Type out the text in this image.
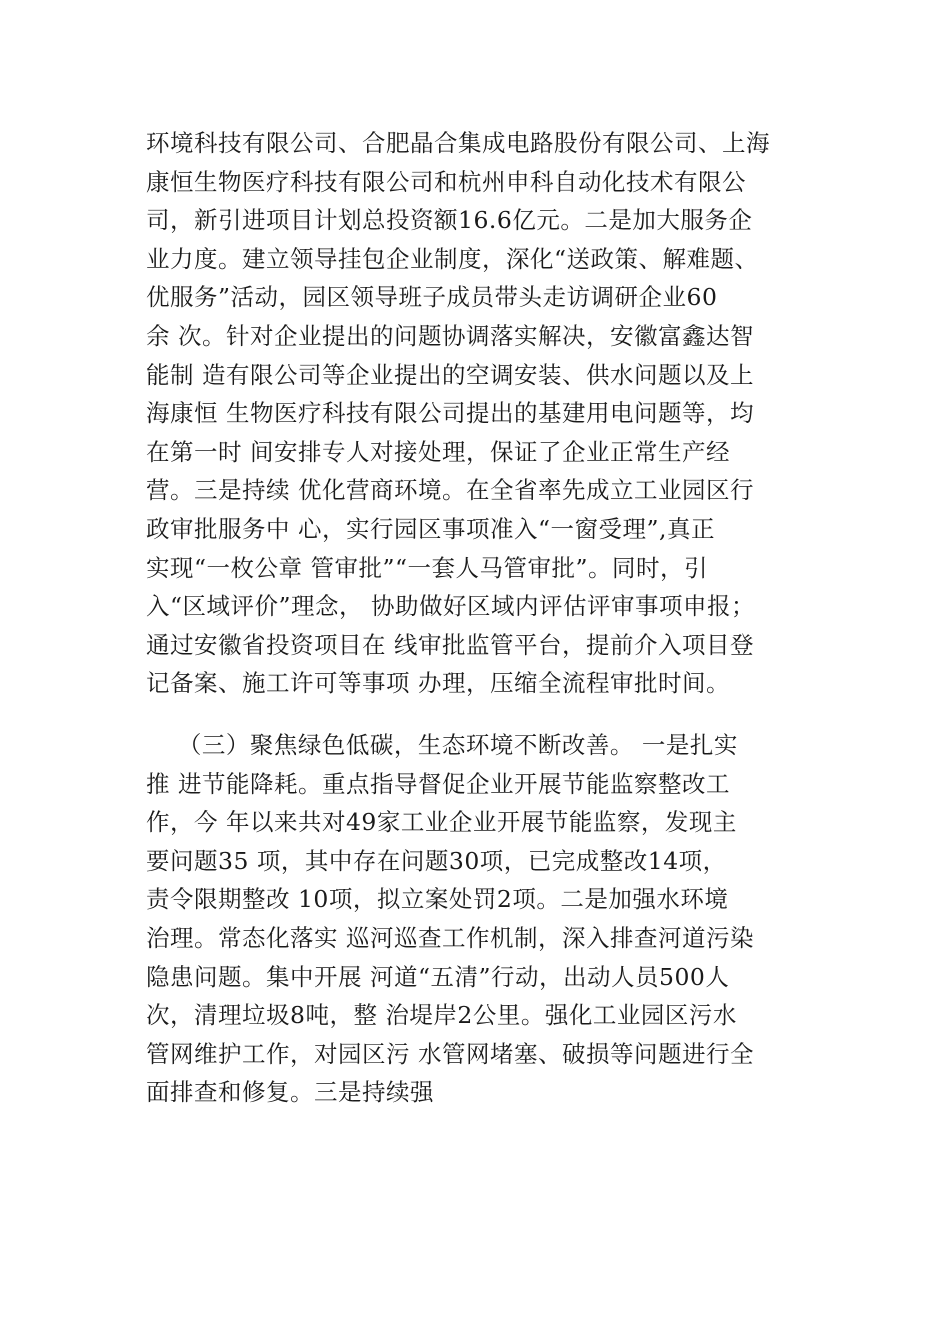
环境科技有限公司、合肥晶合集成电路股份有限公司、上海
康恒生物医疗科技有限公司和杭州申科自动化技术有限公
司，新引进项目计划总投资额16.6亿元。二是加大服务企
业力度。建立领导挂包企业制度，深化“送政策、解难题、
优服务”活动，园区领导班子成员带头走访调研企业60
余 次。针对企业提出的问题协调落实解决，安徽富鑫达智
能制 造有限公司等企业提出的空调安装、供水问题以及上
海康恒 生物医疗科技有限公司提出的基建用电问题等，均
在第一时 间安排专人对接处理，保证了企业正常生产经
营。三是持续 优化营商环境。在全省率先成立工业园区行
政审批服务中 心，实行园区事项准入“一窗受理”,真正
实现“一枚公章 管审批”“一套人马管审批”。同时，引
入“区域评价”理念， 协助做好区域内评估评审事项申报；
通过安徽省投资项目在 线审批监管平台，提前介入项目登
记备案、施工许可等事项 办理，压缩全流程审批时间。
（三）聚焦绿色低碳，生态环境不断改善。 一是扎实
推 进节能降耗。重点指导督促企业开展节能监察整改工
作，今 年以来共对49家工业企业开展节能监察，发现主
要问题35 项，其中存在问题30项，已完成整改14项，
责令限期整改 10项，拟立案处罚2项。二是加强水环境
治理。常态化落实 巡河巡查工作机制，深入排查河道污染
隐患问题。集中开展 河道“五清”行动，出动人员500人
次，清理垃圾8吨，整 治堤岸2公里。强化工业园区污水
管网维护工作，对园区污 水管网堵塞、破损等问题进行全
面排查和修复。三是持续强
